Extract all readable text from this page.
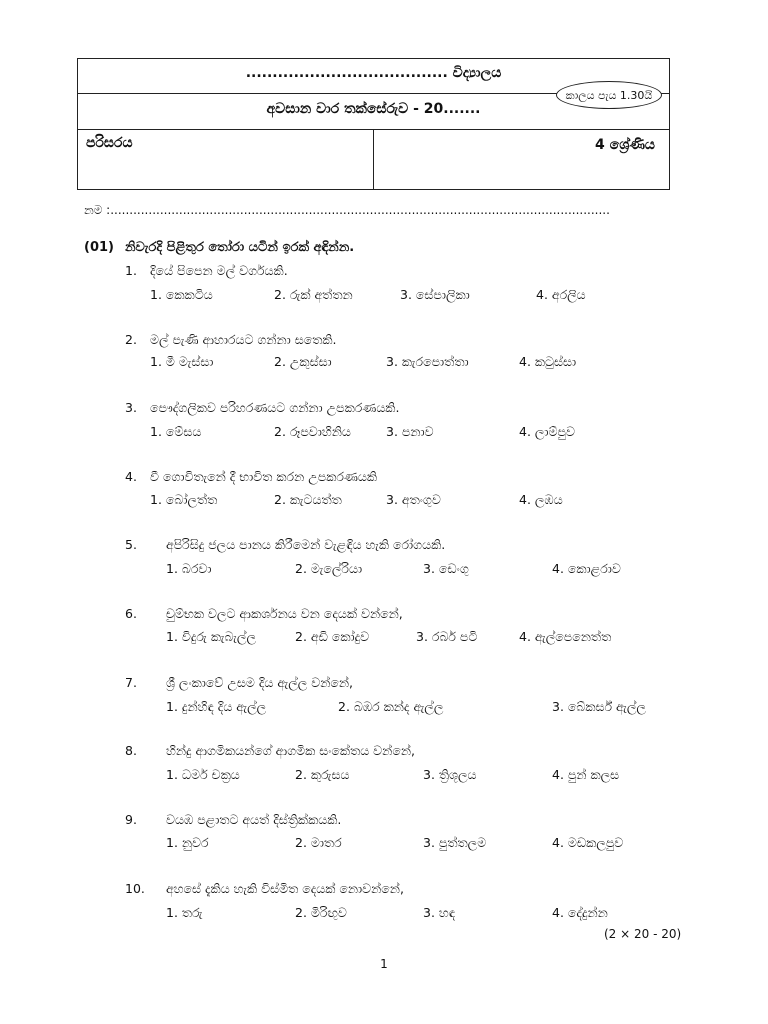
...................................... විද්‍යාලය
අවසාන වාර තක්සේරුව - 20.......
පරිසරය	4 ශ්‍රේණිය
කාලය පැය 1.30යි
නම :...................................................................................................................................
(01) නිවැරදි පිළිතුර තෝරා යටින් ඉරක් අඳින්න.
1. දියේ පිපෙන මල් වර්ගයකි.
1. කෙකටිය	2. රුක් අත්තන	3. සේපාලිකා	4. අරලිය
2. මල් පැණි ආහාරයට ගන්නා සතෙකි.
1. මී මැස්සා	2. උකුස්සා	3. කැරපොත්තා	4. කටුස්සා
3. පෞද්ගලිකව පරිහරණයට ගන්නා උපකරණයකි.
1. මේසය	2. රූපවාහිනිය	3. පනාව	4. ලාම්පුව
4. වී ගොවිතැනේ දී භාවිත කරන උපකරණයකි
1. බෝලත්ත	2. කැටයත්ත	3. අතංගුව	4. ලඹය
5. අපිරිසිදු ජලය පානය කිරීමෙන් වැළඳිය හැකි රෝගයකි.
1. බරවා	2. මැලේරියා	3. ඩෙංගු	4. කොළරාව
6. චුම්භක වලට ආකර්ශනය වන දෙයක් වන්නේ,
1. විදුරු කැබැල්ල	2. අඩි කෝදුව	3. රබර් පටි	4. ඇල්පෙනෙත්ත
7. ශ්‍රී ලංකාවේ උසම දිය ඇල්ල වන්නේ,
1. දුන්හිඳ දිය ඇල්ල	2. බඹර කන්ද ඇල්ල	3. බේකර්ස් ඇල්ල
8. හින්දු ආගමිකයන්ගේ ආගමික සංකේතය වන්නේ,
1. ධර්ම චක්‍රය	2. කුරුසය	3. ත්‍රිශූලය	4. පුන් කලස
9. වයඹ පළාතට අයත් දිස්ත්‍රික්කයකි.
1. නුවර	2. මාතර	3. පුත්තලම	4. මඩකලපුව
10. අහසේ දැකිය හැකි විස්මිත දෙයක් නොවන්නේ,
1. තරු	2. මිරිඟුව	3. හඳ	4. දේදුන්න
(2 × 20 - 20)
1
